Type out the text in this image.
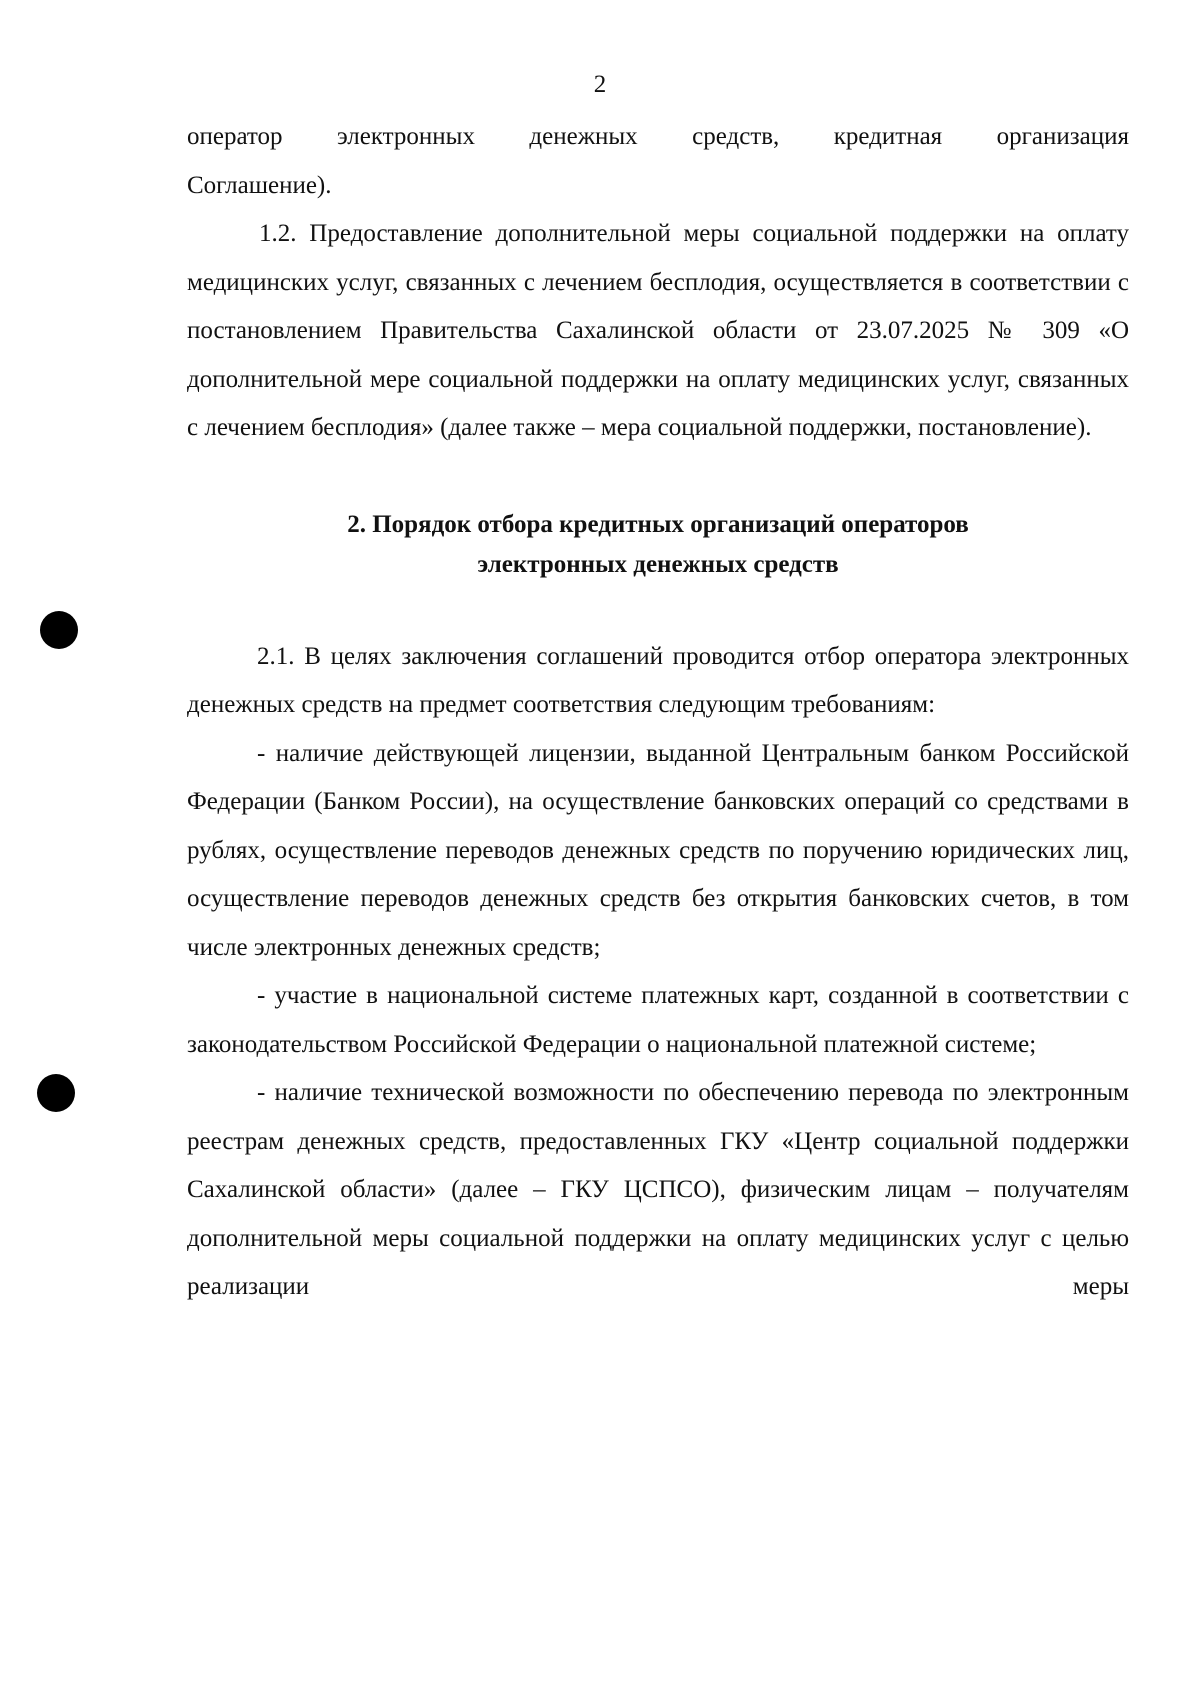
2

оператор электронных денежных средств, кредитная организация

Соглашение).

1.2. Предоставление дополнительной меры социальной поддержки на оплату медицинских услуг, связанных с лечением бесплодия, осуществляется в соответствии с постановлением Правительства Сахалинской области от 23.07.2025 № 309 «О дополнительной мере социальной поддержки на оплату медицинских услуг, связанных с лечением бесплодия» (далее также – мера социальной поддержки, постановление).

2. Порядок отбора кредитных организаций операторов
электронных денежных средств

2.1. В целях заключения соглашений проводится отбор оператора электронных денежных средств на предмет соответствия следующим требованиям:

- наличие действующей лицензии, выданной Центральным банком Российской Федерации (Банком России), на осуществление банковских операций со средствами в рублях, осуществление переводов денежных средств по поручению юридических лиц, осуществление переводов денежных средств без открытия банковских счетов, в том числе электронных денежных средств;

- участие в национальной системе платежных карт, созданной в соответствии с законодательством Российской Федерации о национальной платежной системе;

- наличие технической возможности по обеспечению перевода по электронным реестрам денежных средств, предоставленных ГКУ «Центр социальной поддержки Сахалинской области» (далее – ГКУ ЦСПСО), физическим лицам – получателям дополнительной меры социальной поддержки на оплату медицинских услуг с целью реализации меры
